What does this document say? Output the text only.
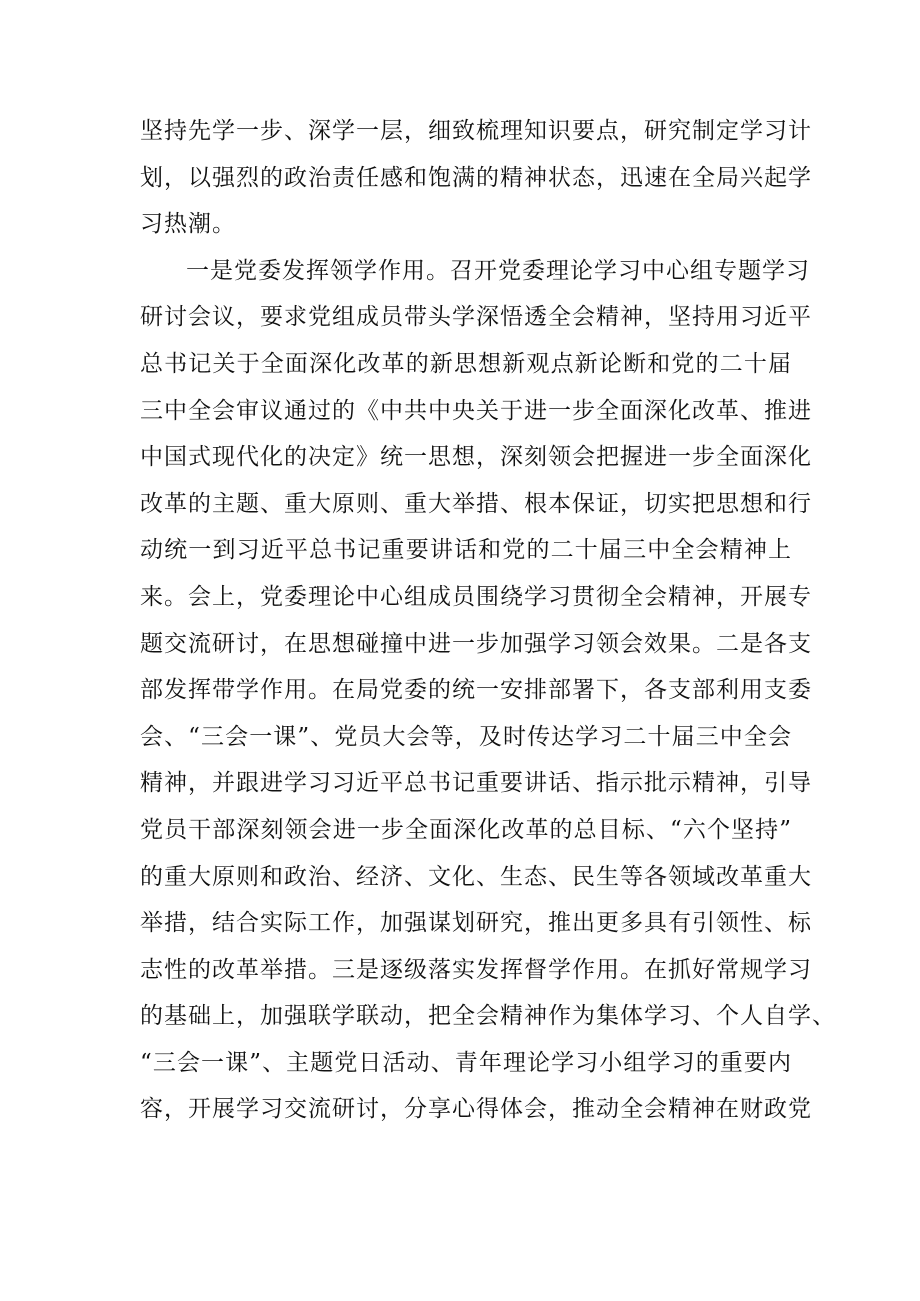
坚持先学一步、深学一层，细致梳理知识要点，研究制定学习计
划，以强烈的政治责任感和饱满的精神状态，迅速在全局兴起学
习热潮。
一是党委发挥领学作用。召开党委理论学习中心组专题学习
研讨会议，要求党组成员带头学深悟透全会精神，坚持用习近平
总书记关于全面深化改革的新思想新观点新论断和党的二十届
三中全会审议通过的《中共中央关于进一步全面深化改革、推进
中国式现代化的决定》统一思想，深刻领会把握进一步全面深化
改革的主题、重大原则、重大举措、根本保证，切实把思想和行
动统一到习近平总书记重要讲话和党的二十届三中全会精神上
来。会上，党委理论中心组成员围绕学习贯彻全会精神，开展专
题交流研讨，在思想碰撞中进一步加强学习领会效果。二是各支
部发挥带学作用。在局党委的统一安排部署下，各支部利用支委
会、“三会一课”、党员大会等，及时传达学习二十届三中全会
精神，并跟进学习习近平总书记重要讲话、指示批示精神，引导
党员干部深刻领会进一步全面深化改革的总目标、“六个坚持”
的重大原则和政治、经济、文化、生态、民生等各领域改革重大
举措，结合实际工作，加强谋划研究，推出更多具有引领性、标
志性的改革举措。三是逐级落实发挥督学作用。在抓好常规学习
的基础上，加强联学联动，把全会精神作为集体学习、个人自学、
“三会一课”、主题党日活动、青年理论学习小组学习的重要内
容，开展学习交流研讨，分享心得体会，推动全会精神在财政党
